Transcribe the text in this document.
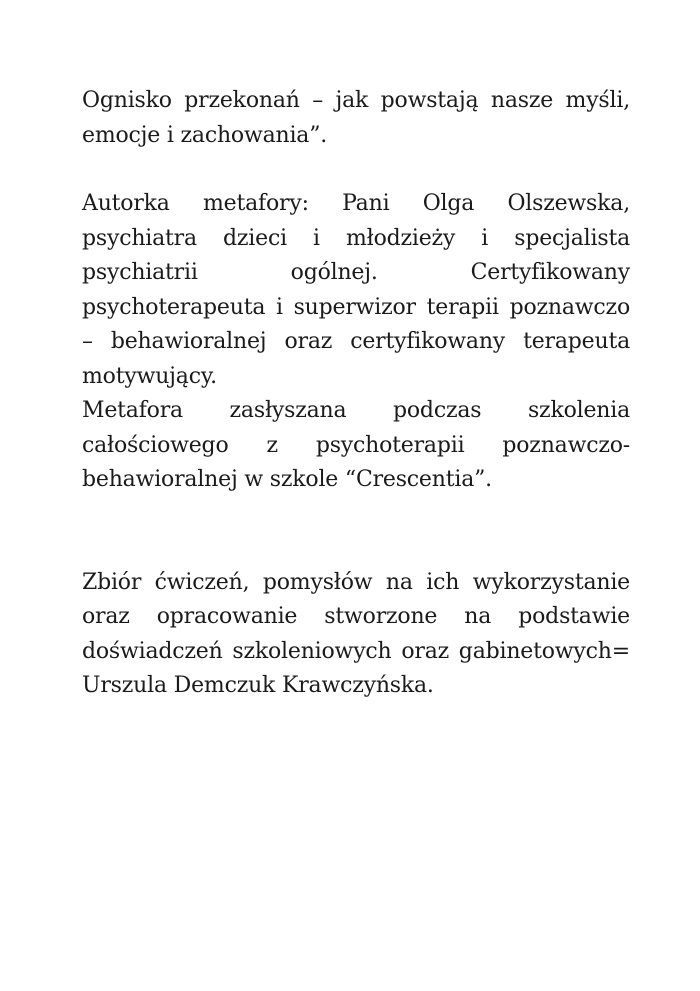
Ognisko przekonań – jak powstają nasze myśli, emocje i zachowania”.

Autorka metafory: Pani Olga Olszewska, psychiatra dzieci i młodzieży i specjalista psychiatrii ogólnej. Certyfikowany psychoterapeuta i superwizor terapii poznawczo – behawioralnej oraz certyfikowany terapeuta motywujący.

Metafora zasłyszana podczas szkolenia całościowego z psychoterapii poznawczo-behawioralnej w szkole “Crescentia”.

Zbiór ćwiczeń, pomysłów na ich wykorzystanie oraz opracowanie stworzone na podstawie doświadczeń szkoleniowych oraz gabinetowych= Urszula Demczuk Krawczyńska.
